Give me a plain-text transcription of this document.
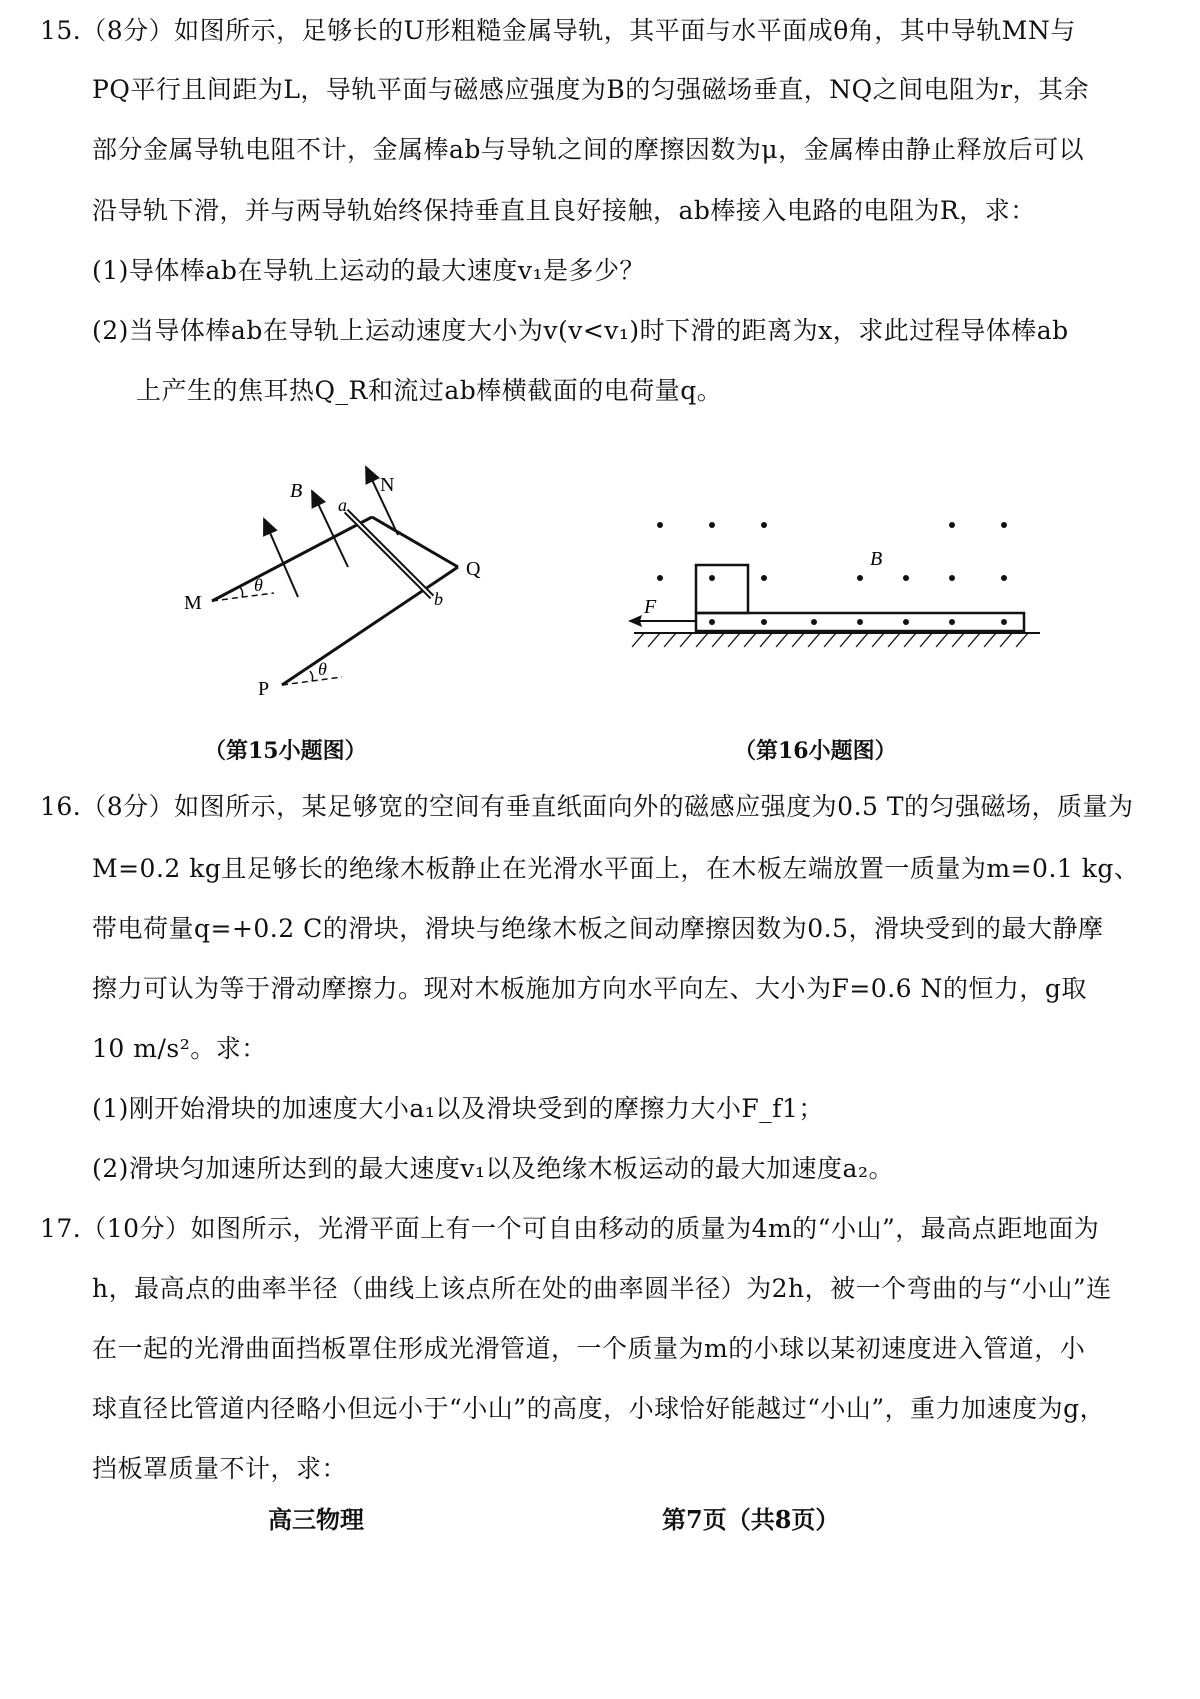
15.（8分）如图所示，足够长的U形粗糙金属导轨，其平面与水平面成θ角，其中导轨MN与
PQ平行且间距为L，导轨平面与磁感应强度为B的匀强磁场垂直，NQ之间电阻为r，其余
部分金属导轨电阻不计，金属棒ab与导轨之间的摩擦因数为μ，金属棒由静止释放后可以
沿导轨下滑，并与两导轨始终保持垂直且良好接触，ab棒接入电路的电阻为R，求：
(1)导体棒ab在导轨上运动的最大速度v₁是多少？
(2)当导体棒ab在导轨上运动速度大小为v(v<v₁)时下滑的距离为x，求此过程导体棒ab
上产生的焦耳热Q_R和流过ab棒横截面的电荷量q。
B
a
N
M	b
Q
P
θ
θ
F
B
（第15小题图）	（第16小题图）
16.（8分）如图所示，某足够宽的空间有垂直纸面向外的磁感应强度为0.5 T的匀强磁场，质量为
M=0.2 kg且足够长的绝缘木板静止在光滑水平面上，在木板左端放置一质量为m=0.1 kg、
带电荷量q=+0.2 C的滑块，滑块与绝缘木板之间动摩擦因数为0.5，滑块受到的最大静摩
擦力可认为等于滑动摩擦力。现对木板施加方向水平向左、大小为F=0.6 N的恒力，g取
10 m/s²。求：
(1)刚开始滑块的加速度大小a₁以及滑块受到的摩擦力大小F_f1；
(2)滑块匀加速所达到的最大速度v₁以及绝缘木板运动的最大加速度a₂。
17.（10分）如图所示，光滑平面上有一个可自由移动的质量为4m的“小山”，最高点距地面为
h，最高点的曲率半径（曲线上该点所在处的曲率圆半径）为2h，被一个弯曲的与“小山”连
在一起的光滑曲面挡板罩住形成光滑管道，一个质量为m的小球以某初速度进入管道，小
球直径比管道内径略小但远小于“小山”的高度，小球恰好能越过“小山”，重力加速度为g，
挡板罩质量不计，求：
高三物理	第7页（共8页）
